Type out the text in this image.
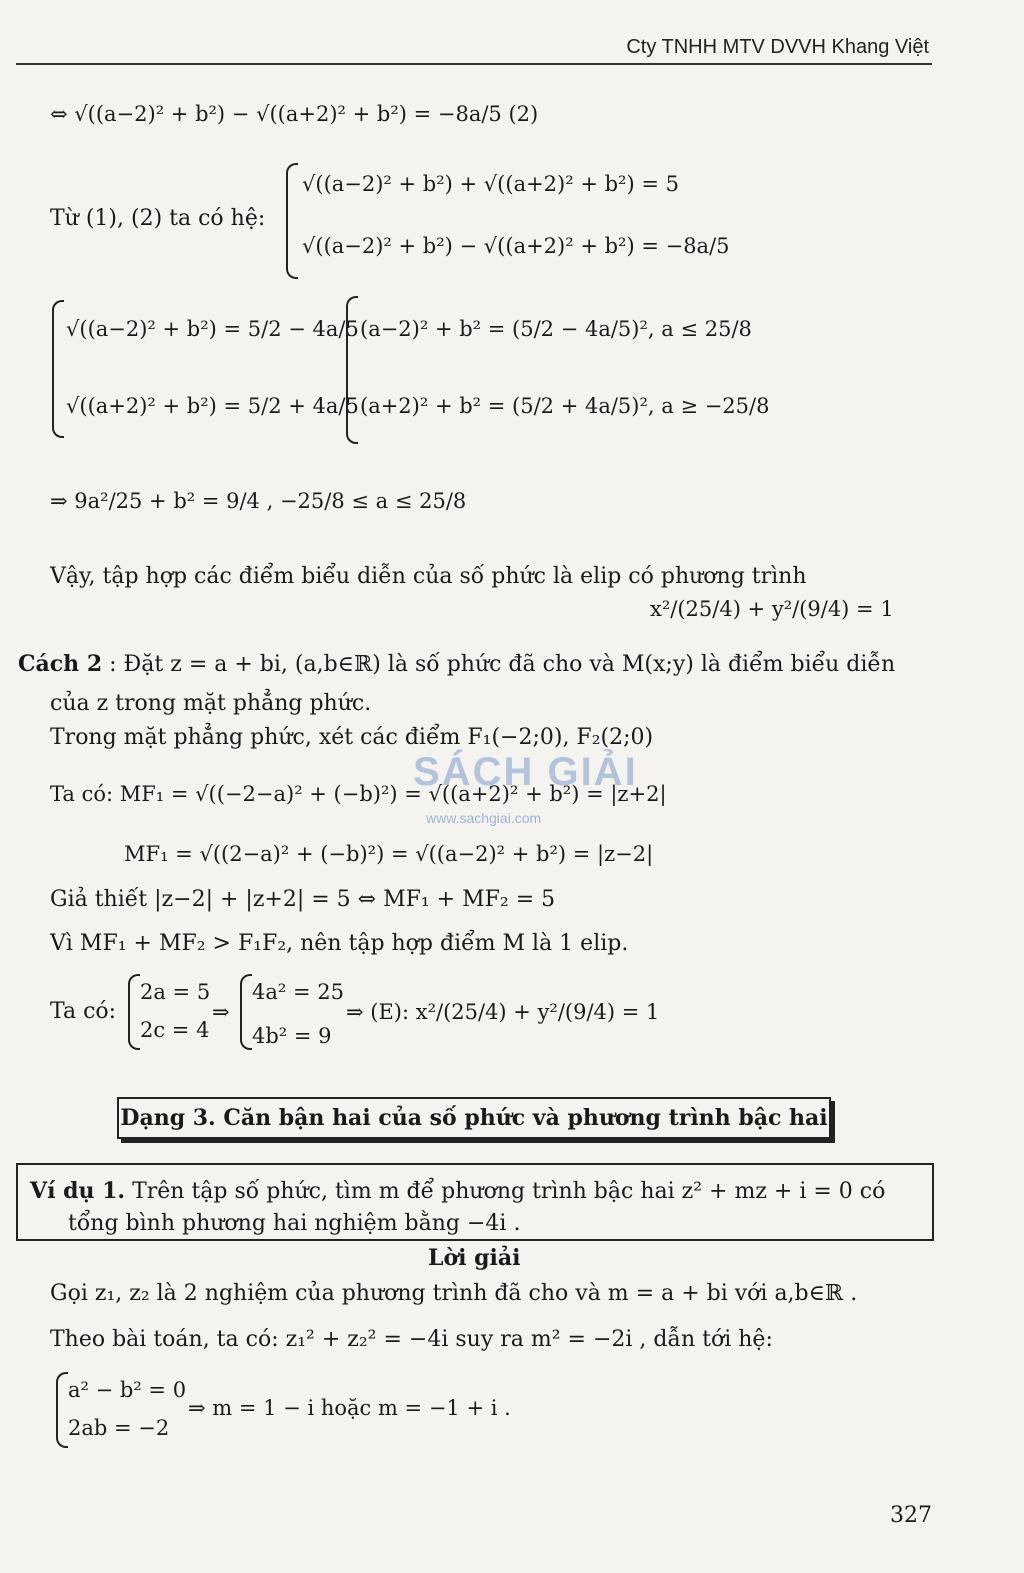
Cty TNHH MTV DVVH Khang Việt
⇔ √((a−2)² + b²) − √((a+2)² + b²) = −8a/5 (2)
Từ (1), (2) ta có hệ:
√((a−2)² + b²) + √((a+2)² + b²) = 5
√((a−2)² + b²) − √((a+2)² + b²) = −8a/5
√((a−2)² + b²) = 5/2 − 4a/5
√((a+2)² + b²) = 5/2 + 4a/5
(a−2)² + b² = (5/2 − 4a/5)², a ≤ 25/8
(a+2)² + b² = (5/2 + 4a/5)², a ≥ −25/8
⇒ 9a²/25 + b² = 9/4 , −25/8 ≤ a ≤ 25/8
Vậy, tập hợp các điểm biểu diễn của số phức là elip có phương trình
x²/(25/4) + y²/(9/4) = 1
Cách 2 : Đặt z = a + bi, (a,b∈ℝ) là số phức đã cho và M(x;y) là điểm biểu diễn
của z trong mặt phẳng phức.
Trong mặt phẳng phức, xét các điểm F₁(−2;0), F₂(2;0)
Ta có: MF₁ = √((−2−a)² + (−b)²) = √((a+2)² + b²) = |z+2|
MF₁ = √((2−a)² + (−b)²) = √((a−2)² + b²) = |z−2|
Giả thiết |z−2| + |z+2| = 5 ⇔ MF₁ + MF₂ = 5
Vì MF₁ + MF₂ > F₁F₂, nên tập hợp điểm M là 1 elip.
Ta có:
2a = 5
2c = 4
⇒
4a² = 25
4b² = 9
⇒ (E): x²/(25/4) + y²/(9/4) = 1
Dạng 3. Căn bận hai của số phức và phương trình bậc hai
Ví dụ 1. Trên tập số phức, tìm m để phương trình bậc hai z² + mz + i = 0 có
tổng bình phương hai nghiệm bằng −4i .
Lời giải
Gọi z₁, z₂ là 2 nghiệm của phương trình đã cho và m = a + bi với a,b∈ℝ .
Theo bài toán, ta có: z₁² + z₂² = −4i suy ra m² = −2i , dẫn tới hệ:
a² − b² = 0
2ab = −2
⇒ m = 1 − i hoặc m = −1 + i .
327
SÁCH GIẢI
www.sachgiai.com
